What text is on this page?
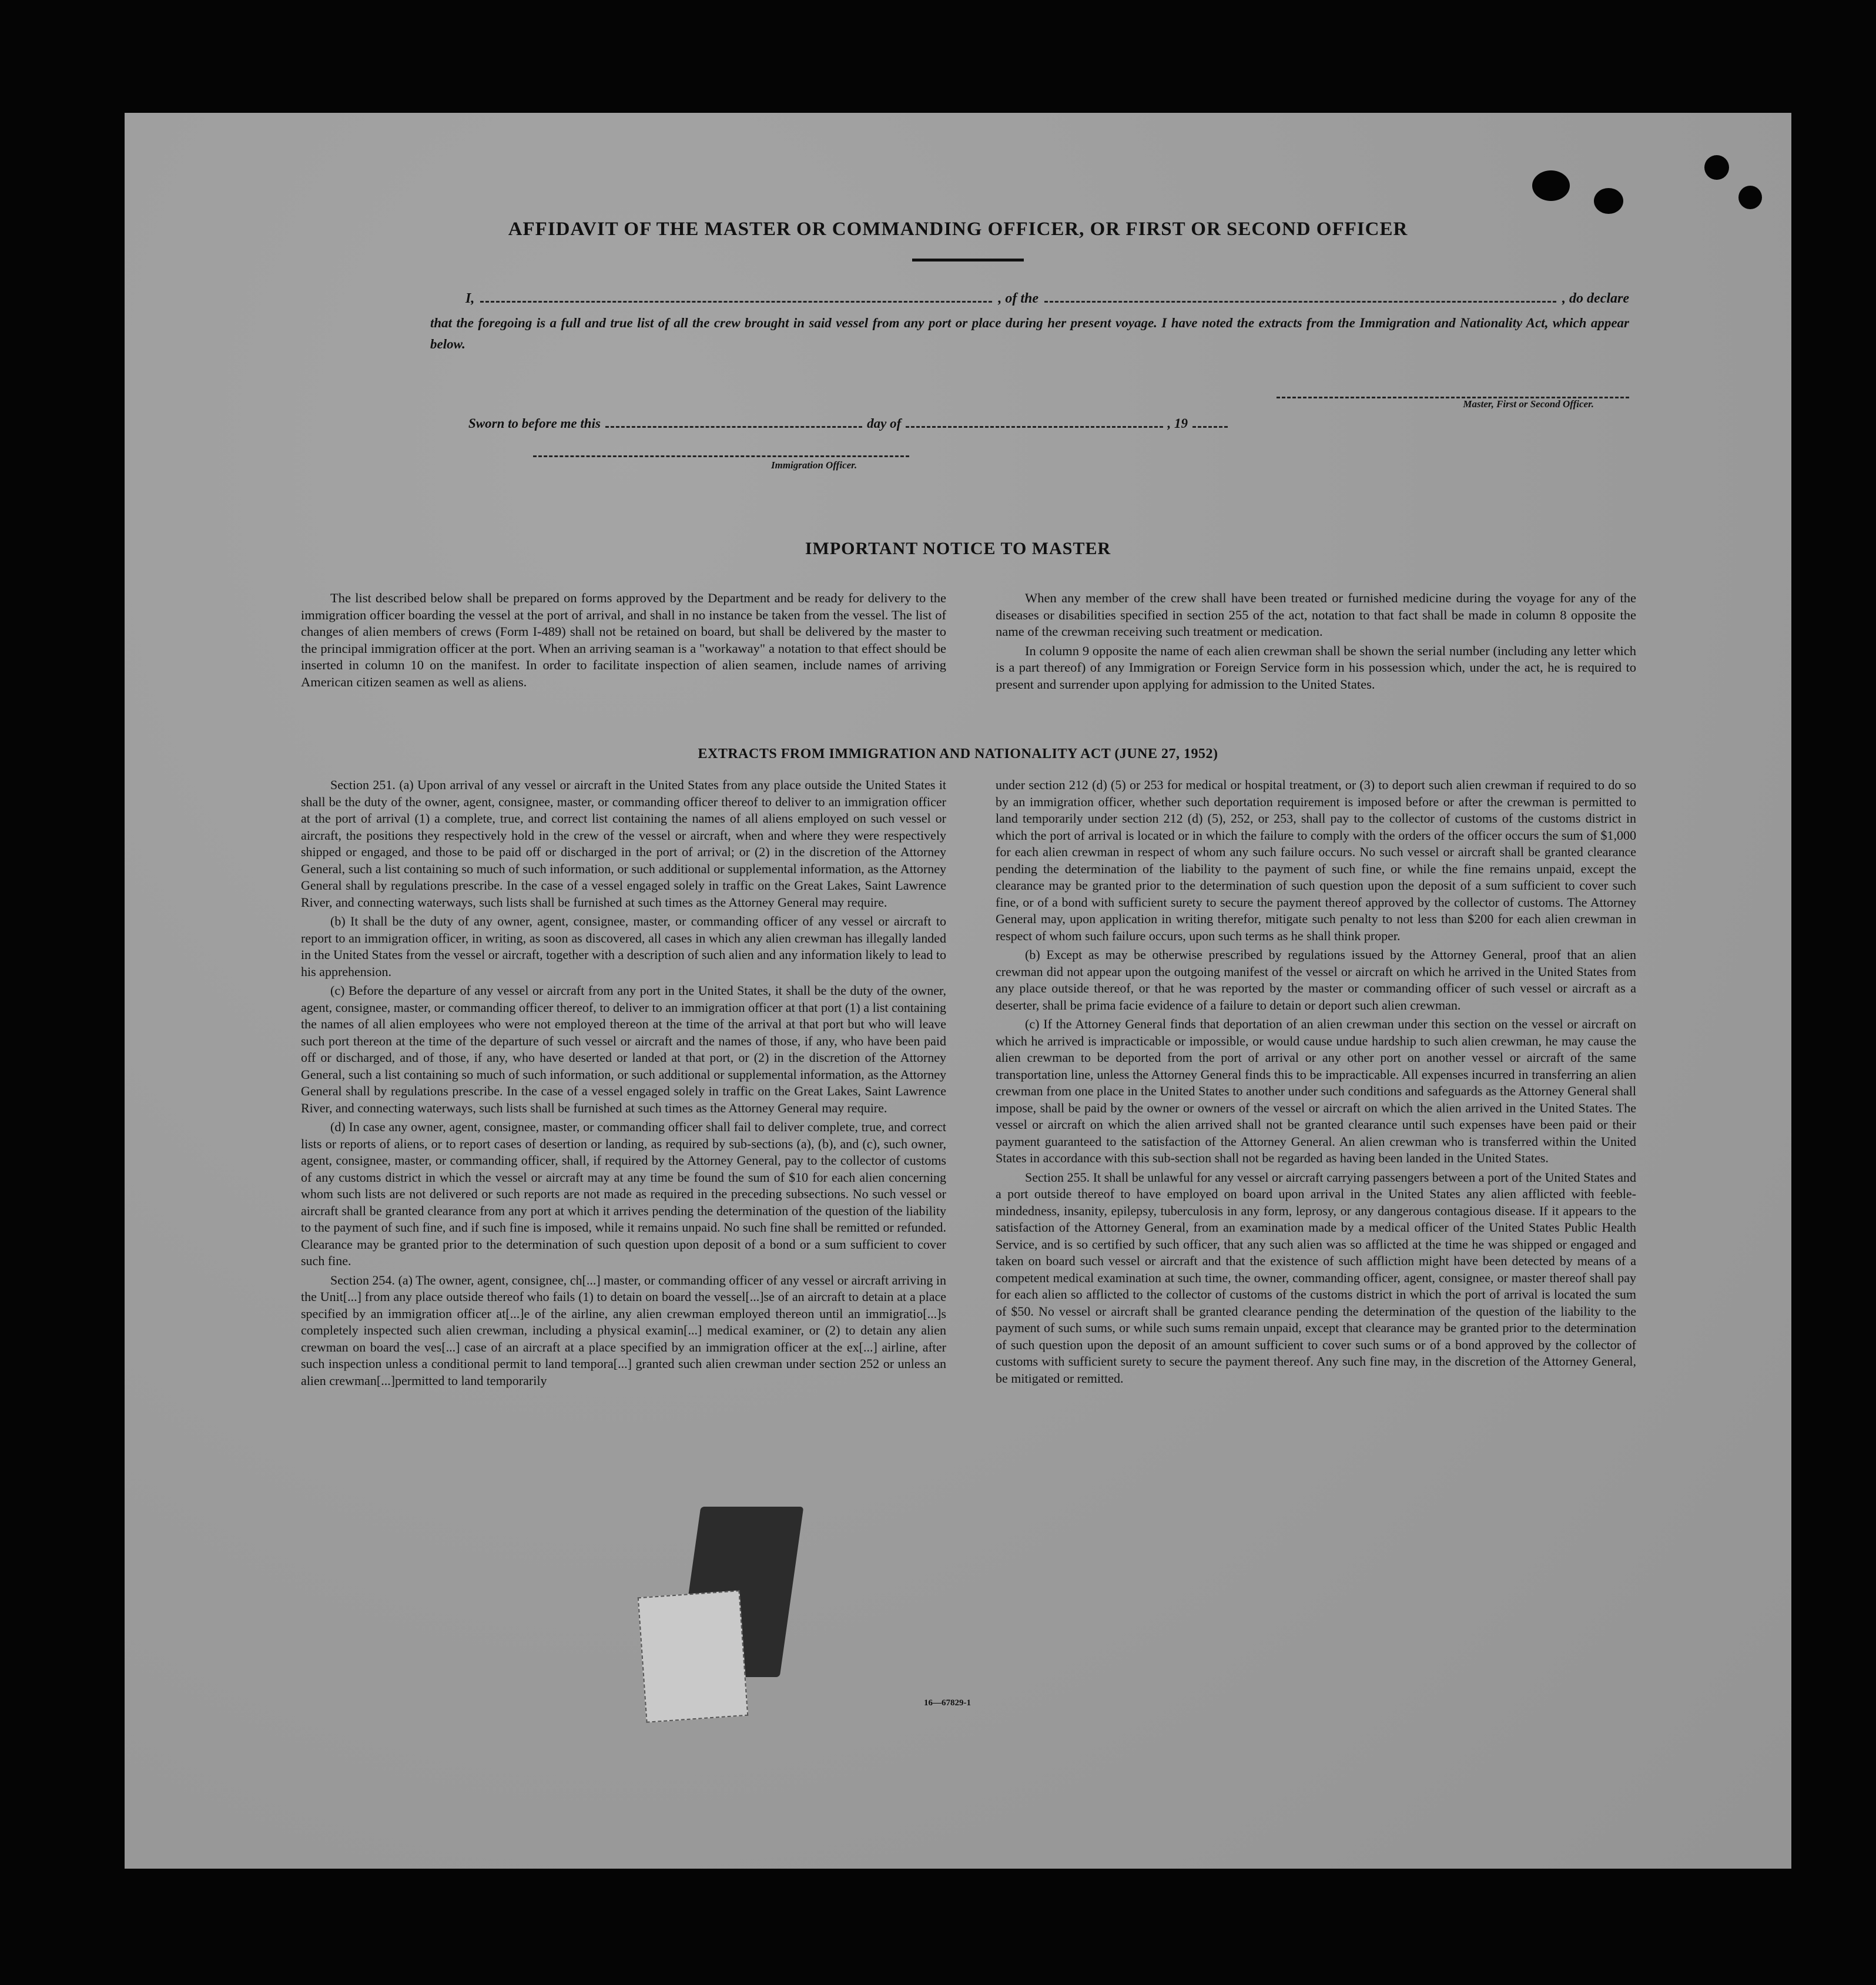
AFFIDAVIT OF THE MASTER OR COMMANDING OFFICER, OR FIRST OR SECOND OFFICER
I,	, of the	, do declare
that the foregoing is a full and true list of all the crew brought in said vessel from any port or place during her present voyage. I have noted the extracts from the Immigration and Nationality Act, which appear below.
Master, First or Second Officer.
Sworn to before me this	day of	, 19
Immigration Officer.
IMPORTANT NOTICE TO MASTER

The list described below shall be prepared on forms approved by the Department and be ready for delivery to the immigration officer boarding the vessel at the port of arrival, and shall in no instance be taken from the vessel. The list of changes of alien members of crews (Form I-489) shall not be retained on board, but shall be delivered by the master to the principal immigration officer at the port. When an arriving seaman is a "workaway" a notation to that effect should be inserted in column 10 on the manifest. In order to facilitate inspection of alien seamen, include names of arriving American citizen seamen as well as aliens.

When any member of the crew shall have been treated or furnished medicine during the voyage for any of the diseases or disabilities specified in section 255 of the act, notation to that fact shall be made in column 8 opposite the name of the crewman receiving such treatment or medication.

In column 9 opposite the name of each alien crewman shall be shown the serial number (including any letter which is a part thereof) of any Immigration or Foreign Service form in his possession which, under the act, he is required to present and surrender upon applying for admission to the United States.

EXTRACTS FROM IMMIGRATION AND NATIONALITY ACT (JUNE 27, 1952)

Section 251. (a) Upon arrival of any vessel or aircraft in the United States from any place outside the United States it shall be the duty of the owner, agent, consignee, master, or commanding officer thereof to deliver to an immigration officer at the port of arrival (1) a complete, true, and correct list containing the names of all aliens employed on such vessel or aircraft, the positions they respectively hold in the crew of the vessel or aircraft, when and where they were respectively shipped or engaged, and those to be paid off or discharged in the port of arrival; or (2) in the discretion of the Attorney General, such a list containing so much of such information, or such additional or supplemental information, as the Attorney General shall by regulations prescribe. In the case of a vessel engaged solely in traffic on the Great Lakes, Saint Lawrence River, and connecting waterways, such lists shall be furnished at such times as the Attorney General may require.

(b) It shall be the duty of any owner, agent, consignee, master, or commanding officer of any vessel or aircraft to report to an immigration officer, in writing, as soon as discovered, all cases in which any alien crewman has illegally landed in the United States from the vessel or aircraft, together with a description of such alien and any information likely to lead to his apprehension.

(c) Before the departure of any vessel or aircraft from any port in the United States, it shall be the duty of the owner, agent, consignee, master, or commanding officer thereof, to deliver to an immigration officer at that port (1) a list containing the names of all alien employees who were not employed thereon at the time of the arrival at that port but who will leave such port thereon at the time of the departure of such vessel or aircraft and the names of those, if any, who have been paid off or discharged, and of those, if any, who have deserted or landed at that port, or (2) in the discretion of the Attorney General, such a list containing so much of such information, or such additional or supplemental information, as the Attorney General shall by regulations prescribe. In the case of a vessel engaged solely in traffic on the Great Lakes, Saint Lawrence River, and connecting waterways, such lists shall be furnished at such times as the Attorney General may require.

(d) In case any owner, agent, consignee, master, or commanding officer shall fail to deliver complete, true, and correct lists or reports of aliens, or to report cases of desertion or landing, as required by sub-sections (a), (b), and (c), such owner, agent, consignee, master, or commanding officer, shall, if required by the Attorney General, pay to the collector of customs of any customs district in which the vessel or aircraft may at any time be found the sum of $10 for each alien concerning whom such lists are not delivered or such reports are not made as required in the preceding subsections. No such vessel or aircraft shall be granted clearance from any port at which it arrives pending the determination of the question of the liability to the payment of such fine, and if such fine is imposed, while it remains unpaid. No such fine shall be remitted or refunded. Clearance may be granted prior to the determination of such question upon deposit of a bond or a sum sufficient to cover such fine.

Section 254. (a) The owner, agent, consignee, ch[...] master, or commanding officer of any vessel or aircraft arriving in the Unit[...] from any place outside thereof who fails (1) to detain on board the vessel[...]se of an aircraft to detain at a place specified by an immigration officer at[...]e of the airline, any alien crewman employed thereon until an immigratio[...]s completely inspected such alien crewman, including a physical examin[...] medical examiner, or (2) to detain any alien crewman on board the ves[...] case of an aircraft at a place specified by an immigration officer at the ex[...] airline, after such inspection unless a conditional permit to land tempora[...] granted such alien crewman under section 252 or unless an alien crewman[...]permitted to land temporarily

under section 212 (d) (5) or 253 for medical or hospital treatment, or (3) to deport such alien crewman if required to do so by an immigration officer, whether such deportation requirement is imposed before or after the crewman is permitted to land temporarily under section 212 (d) (5), 252, or 253, shall pay to the collector of customs of the customs district in which the port of arrival is located or in which the failure to comply with the orders of the officer occurs the sum of $1,000 for each alien crewman in respect of whom any such failure occurs. No such vessel or aircraft shall be granted clearance pending the determination of the liability to the payment of such fine, or while the fine remains unpaid, except the clearance may be granted prior to the determination of such question upon the deposit of a sum sufficient to cover such fine, or of a bond with sufficient surety to secure the payment thereof approved by the collector of customs. The Attorney General may, upon application in writing therefor, mitigate such penalty to not less than $200 for each alien crewman in respect of whom such failure occurs, upon such terms as he shall think proper.

(b) Except as may be otherwise prescribed by regulations issued by the Attorney General, proof that an alien crewman did not appear upon the outgoing manifest of the vessel or aircraft on which he arrived in the United States from any place outside thereof, or that he was reported by the master or commanding officer of such vessel or aircraft as a deserter, shall be prima facie evidence of a failure to detain or deport such alien crewman.

(c) If the Attorney General finds that deportation of an alien crewman under this section on the vessel or aircraft on which he arrived is impracticable or impossible, or would cause undue hardship to such alien crewman, he may cause the alien crewman to be deported from the port of arrival or any other port on another vessel or aircraft of the same transportation line, unless the Attorney General finds this to be impracticable. All expenses incurred in transferring an alien crewman from one place in the United States to another under such conditions and safeguards as the Attorney General shall impose, shall be paid by the owner or owners of the vessel or aircraft on which the alien arrived in the United States. The vessel or aircraft on which the alien arrived shall not be granted clearance until such expenses have been paid or their payment guaranteed to the satisfaction of the Attorney General. An alien crewman who is transferred within the United States in accordance with this sub-section shall not be regarded as having been landed in the United States.

Section 255. It shall be unlawful for any vessel or aircraft carrying passengers between a port of the United States and a port outside thereof to have employed on board upon arrival in the United States any alien afflicted with feeble-mindedness, insanity, epilepsy, tuberculosis in any form, leprosy, or any dangerous contagious disease. If it appears to the satisfaction of the Attorney General, from an examination made by a medical officer of the United States Public Health Service, and is so certified by such officer, that any such alien was so afflicted at the time he was shipped or engaged and taken on board such vessel or aircraft and that the existence of such affliction might have been detected by means of a competent medical examination at such time, the owner, commanding officer, agent, consignee, or master thereof shall pay for each alien so afflicted to the collector of customs of the customs district in which the port of arrival is located the sum of $50. No vessel or aircraft shall be granted clearance pending the determination of the question of the liability to the payment of such sums, or while such sums remain unpaid, except that clearance may be granted prior to the determination of such question upon the deposit of an amount sufficient to cover such sums or of a bond approved by the collector of customs with sufficient surety to secure the payment thereof. Any such fine may, in the discretion of the Attorney General, be mitigated or remitted.

16—67829-1
